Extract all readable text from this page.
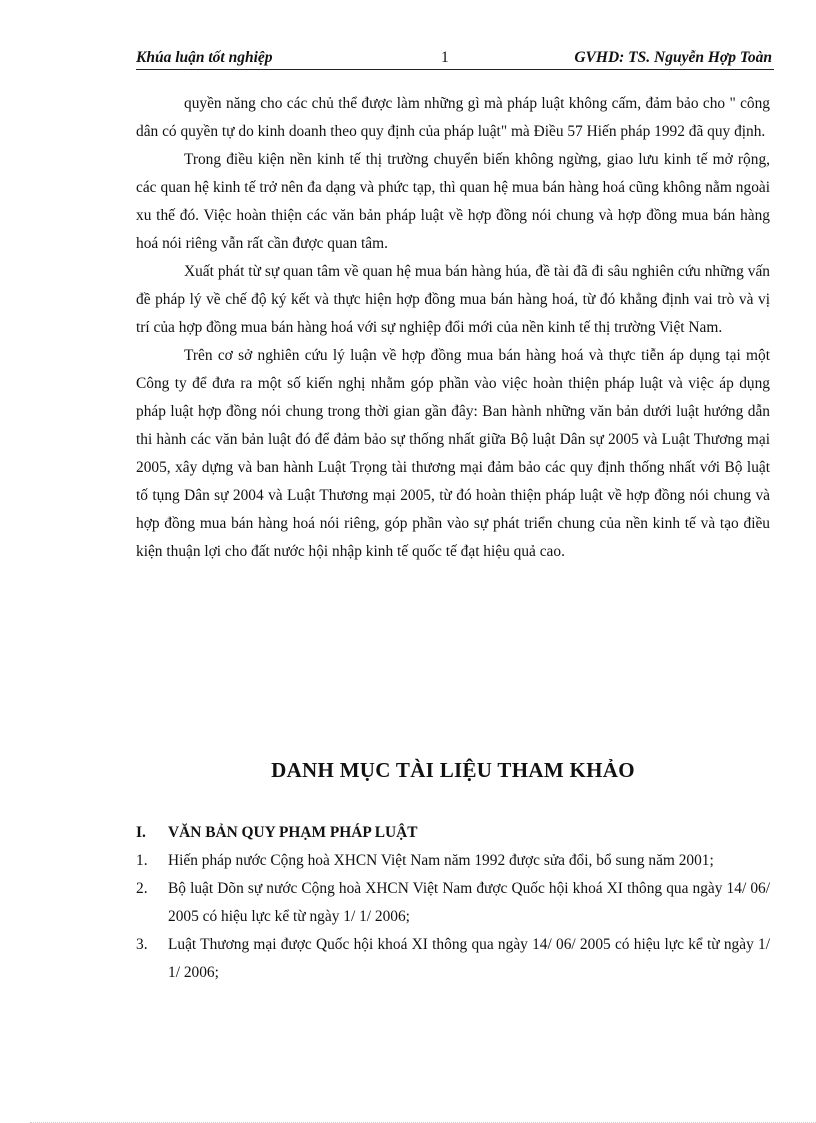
Khúa luận tốt nghiệp	1	GVHD: TS. Nguyễn Hợp Toàn

quyền năng cho các chủ thể được làm những gì mà pháp luật không cấm, đảm bảo cho " công dân có quyền tự do kinh doanh theo quy định của pháp luật" mà Điều 57 Hiến pháp 1992 đã quy định.

Trong điều kiện nền kinh tế thị trường chuyển biến không ngừng, giao lưu kinh tế mở rộng, các quan hệ kinh tế trở nên đa dạng và phức tạp, thì quan hệ mua bán hàng hoá cũng không nằm ngoài xu thế đó. Việc hoàn thiện các văn bản pháp luật về hợp đồng nói chung và hợp đồng mua bán hàng hoá nói riêng vẫn rất cần được quan tâm.

Xuất phát từ sự quan tâm về quan hệ mua bán hàng húa, đề tài đã đi sâu nghiên cứu những vấn đề pháp lý về chế độ ký kết và thực hiện hợp đồng mua bán hàng hoá, từ đó khẳng định vai trò và vị trí của hợp đồng mua bán hàng hoá với sự nghiệp đổi mới của nền kinh tế thị trường Việt Nam.

Trên cơ sở nghiên cứu lý luận về hợp đồng mua bán hàng hoá và thực tiễn áp dụng tại một Công ty để đưa ra một số kiến nghị nhằm góp phần vào việc hoàn thiện pháp luật và việc áp dụng pháp luật hợp đồng nói chung trong thời gian gần đây: Ban hành những văn bản dưới luật hướng dẫn thi hành các văn bản luật đó để đảm bảo sự thống nhất giữa Bộ luật Dân sự 2005 và Luật Thương mại 2005, xây dựng và ban hành Luật Trọng tài thương mại đảm bảo các quy định thống nhất với Bộ luật tố tụng Dân sự 2004 và Luật Thương mại 2005, từ đó hoàn thiện pháp luật về hợp đồng nói chung và hợp đồng mua bán hàng hoá nói riêng, góp phần vào sự phát triển chung của nền kinh tế và tạo điều kiện thuận lợi cho đất nước hội nhập kinh tế quốc tế đạt hiệu quả cao.

DANH MỤC TÀI LIỆU THAM KHẢO
I. VĂN BẢN QUY PHẠM PHÁP LUẬT
1. Hiến pháp nước Cộng hoà XHCN Việt Nam năm 1992 được sửa đổi, bổ sung năm 2001;
2. Bộ luật Dõn sự nước Cộng hoà XHCN Việt Nam được Quốc hội khoá XI thông qua ngày 14/ 06/ 2005 có hiệu lực kể từ ngày 1/ 1/ 2006;
3. Luật Thương mại được Quốc hội khoá XI thông qua ngày 14/ 06/ 2005 có hiệu lực kể từ ngày 1/ 1/ 2006;
